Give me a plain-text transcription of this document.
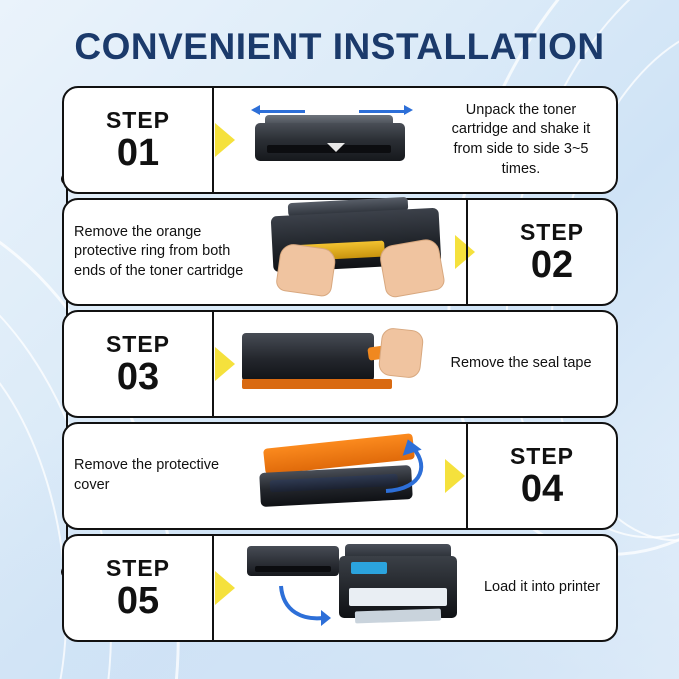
CONVENIENT INSTALLATION
STEP
01
Unpack the toner cartridge and shake it from side to side 3~5 times.
Remove the orange protective ring from both ends of the toner cartridge
STEP
02
STEP
03	Remove the seal tape
Remove the protective cover
STEP
04
STEP
05	Load it into printer
